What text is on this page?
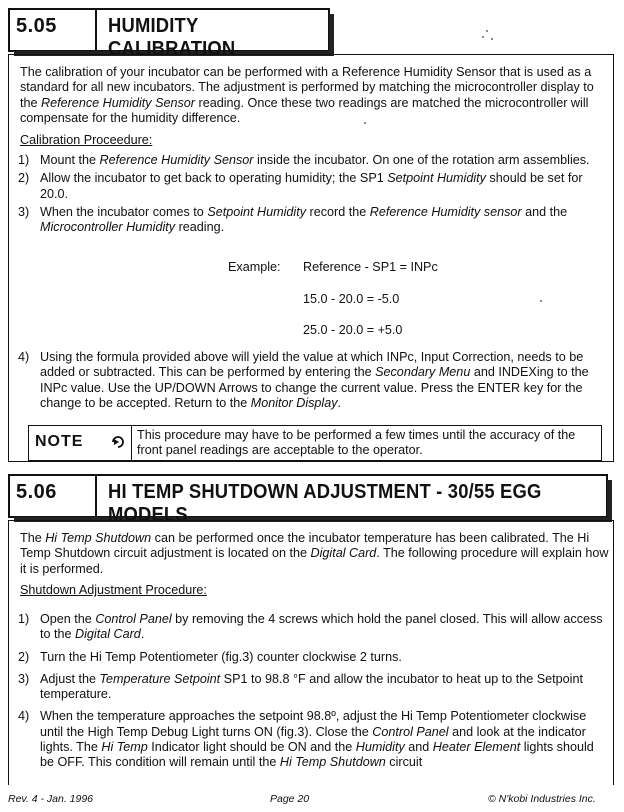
5.05	HUMIDITY CALIBRATION
The calibration of your incubator can be performed with a Reference Humidity Sensor that is used as a standard for all new incubators. The adjustment is performed by matching the microcontroller display to the Reference Humidity Sensor reading. Once these two readings are matched the microcontroller will compensate for the humidity difference.
Calibration Proceedure:
1) Mount the Reference Humidity Sensor inside the incubator. On one of the rotation arm assemblies.
2) Allow the incubator to get back to operating humidity; the SP1 Setpoint Humidity should be set for 20.0.
3) When the incubator comes to Setpoint Humidity record the Reference Humidity sensor and the Microcontroller Humidity reading.
Example: Reference - SP1 = INPc
15.0 - 20.0 = -5.0
25.0 - 20.0 = +5.0
4) Using the formula provided above will yield the value at which INPc, Input Correction, needs to be added or subtracted. This can be performed by entering the Secondary Menu and INDEXing to the INPc value. Use the UP/DOWN Arrows to change the current value. Press the ENTER key for the change to be accepted. Return to the Monitor Display.
NOTE	This procedure may have to be performed a few times until the accuracy of the front panel readings are acceptable to the operator.
5.06	HI TEMP SHUTDOWN ADJUSTMENT - 30/55 EGG MODELS
The Hi Temp Shutdown can be performed once the incubator temperature has been calibrated. The Hi Temp Shutdown circuit adjustment is located on the Digital Card. The following procedure will explain how it is performed.
Shutdown Adjustment Procedure:
1) Open the Control Panel by removing the 4 screws which hold the panel closed. This will allow access to the Digital Card.
2) Turn the Hi Temp Potentiometer (fig.3) counter clockwise 2 turns.
3) Adjust the Temperature Setpoint SP1 to 98.8 °F and allow the incubator to heat up to the Setpoint temperature.
4) When the temperature approaches the setpoint 98.8º, adjust the Hi Temp Potentiometer clockwise until the High Temp Debug Light turns ON (fig.3). Close the Control Panel and look at the indicator lights. The Hi Temp Indicator light should be ON and the Humidity and Heater Element lights should be OFF. This condition will remain until the Hi Temp Shutdown circuit
Rev. 4 - Jan. 1996	Page 20	© N'kobi Industries Inc.
